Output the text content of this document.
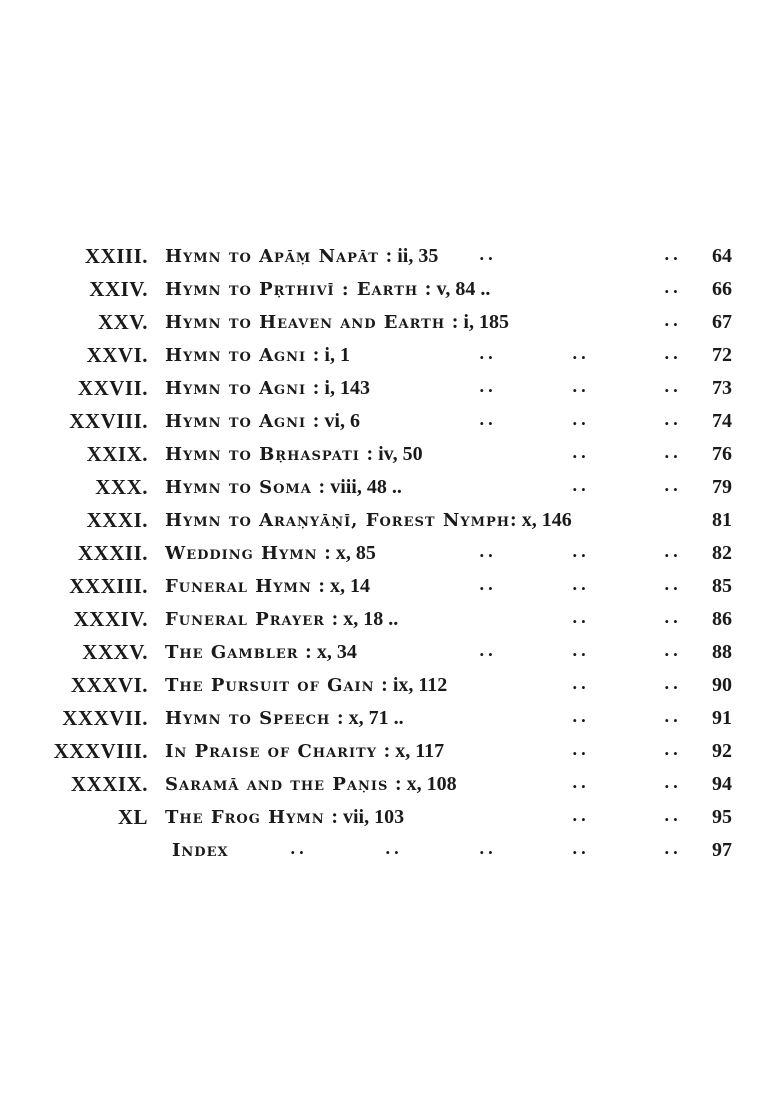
XXIII. Hymn to Apāṃ Napāt : ii, 35	..	.. 64
XXIV. Hymn to Pṛthivī : Earth : v, 84 ..	.. 66
XXV. Hymn to Heaven and Earth : i, 185	.. 67
XXVI. Hymn to Agni : i, 1	..	..	.. 72
XXVII. Hymn to Agni : i, 143	..	..	.. 73
XXVIII. Hymn to Agni : vi, 6	..	..	.. 74
XXIX. Hymn to Bṛhaspati : iv, 50	..	.. 76
XXX. Hymn to Soma : viii, 48 ..	..	.. 79
XXXI. Hymn to Araṇyāṇī, Forest Nymph: x, 146	81
XXXII. Wedding Hymn : x, 85	..	..	.. 82
XXXIII. Funeral Hymn : x, 14	..	..	.. 85
XXXIV. Funeral Prayer : x, 18 ..	..	.. 86
XXXV. The Gambler : x, 34	..	..	.. 88
XXXVI. The Pursuit of Gain : ix, 112	..	.. 90
XXXVII. Hymn to Speech : x, 71 ..	..	.. 91
XXXVIII. In Praise of Charity : x, 117	..	.. 92
XXXIX. Saramā and the Paṇis : x, 108	..	.. 94
XL The Frog Hymn : vii, 103	..	.. 95
Index	..	..	..	..	.. 97
